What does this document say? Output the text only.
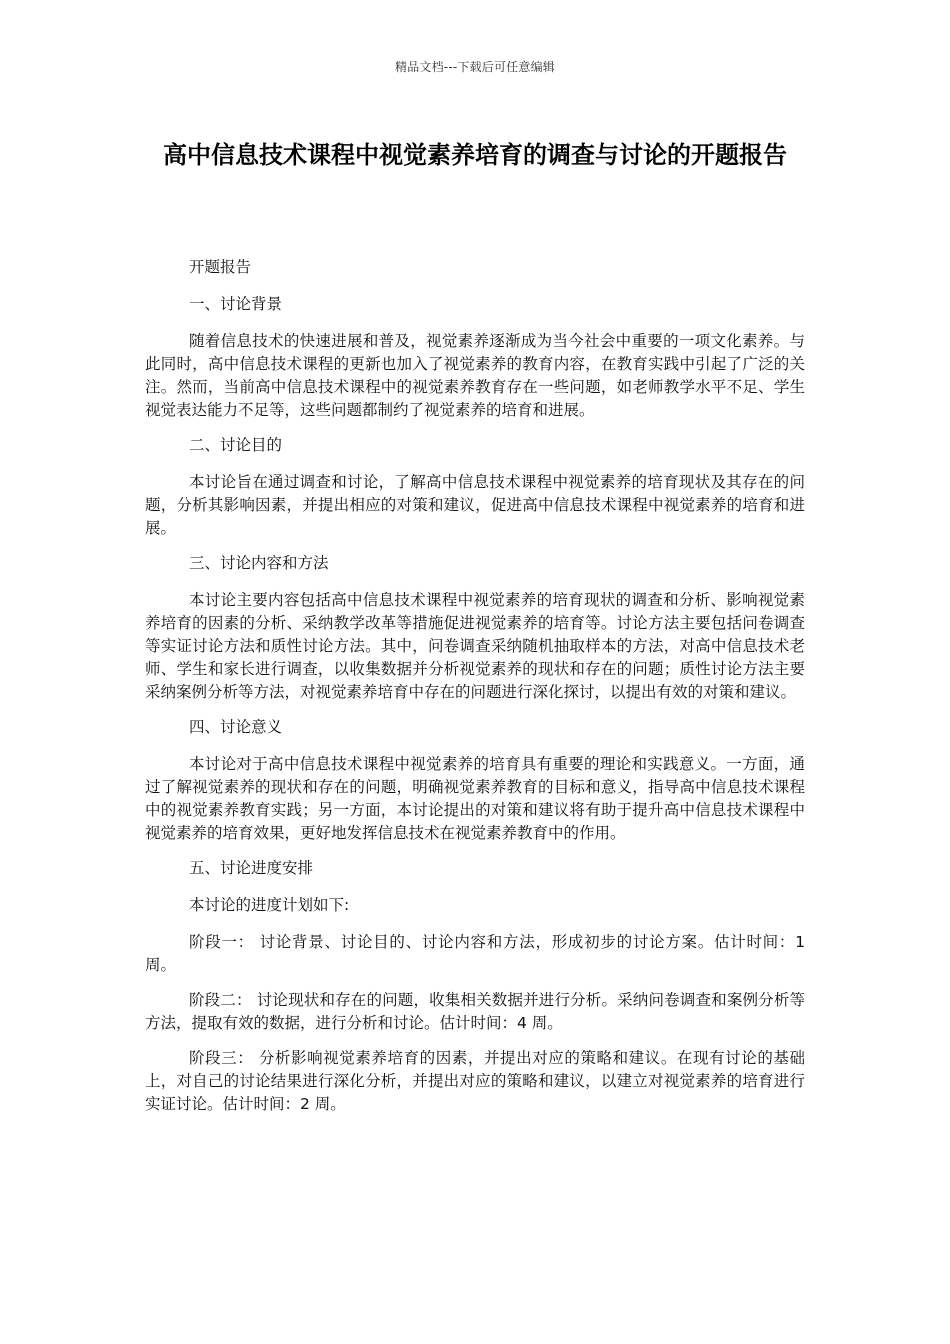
精品文档---下载后可任意编辑
高中信息技术课程中视觉素养培育的调查与讨论的开题报告

开题报告

一、讨论背景

随着信息技术的快速进展和普及，视觉素养逐渐成为当今社会中重要的一项文化素养。与此同时，高中信息技术课程的更新也加入了视觉素养的教育内容，在教育实践中引起了广泛的关注。然而，当前高中信息技术课程中的视觉素养教育存在一些问题，如老师教学水平不足、学生视觉表达能力不足等，这些问题都制约了视觉素养的培育和进展。

二、讨论目的

本讨论旨在通过调查和讨论，了解高中信息技术课程中视觉素养的培育现状及其存在的问题，分析其影响因素，并提出相应的对策和建议，促进高中信息技术课程中视觉素养的培育和进展。

三、讨论内容和方法

本讨论主要内容包括高中信息技术课程中视觉素养的培育现状的调查和分析、影响视觉素养培育的因素的分析、采纳教学改革等措施促进视觉素养的培育等。讨论方法主要包括问卷调查等实证讨论方法和质性讨论方法。其中，问卷调查采纳随机抽取样本的方法，对高中信息技术老师、学生和家长进行调查，以收集数据并分析视觉素养的现状和存在的问题；质性讨论方法主要采纳案例分析等方法，对视觉素养培育中存在的问题进行深化探讨，以提出有效的对策和建议。

四、讨论意义

本讨论对于高中信息技术课程中视觉素养的培育具有重要的理论和实践意义。一方面，通过了解视觉素养的现状和存在的问题，明确视觉素养教育的目标和意义，指导高中信息技术课程中的视觉素养教育实践；另一方面，本讨论提出的对策和建议将有助于提升高中信息技术课程中视觉素养的培育效果，更好地发挥信息技术在视觉素养教育中的作用。

五、讨论进度安排

本讨论的进度计划如下:

阶段一： 讨论背景、讨论目的、讨论内容和方法，形成初步的讨论方案。估计时间：1 周。

阶段二： 讨论现状和存在的问题，收集相关数据并进行分析。采纳问卷调查和案例分析等方法，提取有效的数据，进行分析和讨论。估计时间：4 周。

阶段三： 分析影响视觉素养培育的因素，并提出对应的策略和建议。在现有讨论的基础上，对自己的讨论结果进行深化分析，并提出对应的策略和建议，以建立对视觉素养的培育进行实证讨论。估计时间：2 周。
